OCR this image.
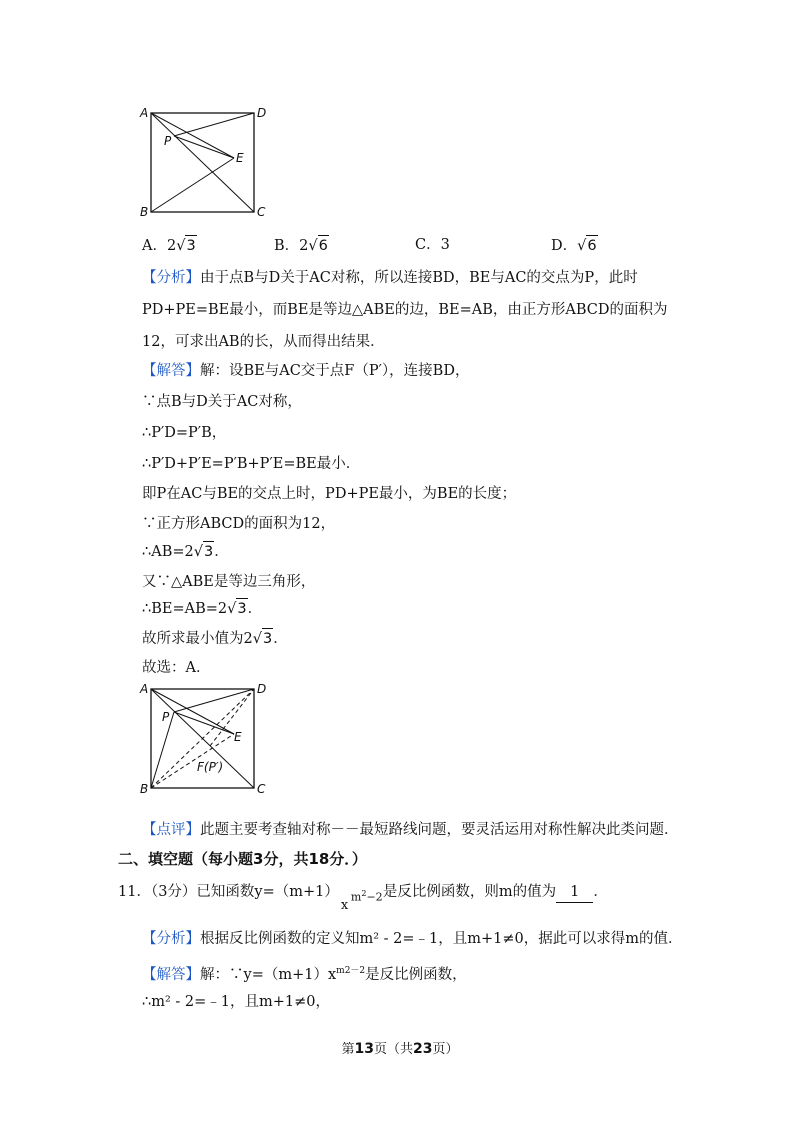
A	D
P
E
B	C
A．2√3	B．2√6	C．3	D．√6
【分析】由于点B与D关于AC对称，所以连接BD，BE与AC的交点为P，此时PD+PE=BE最小，而BE是等边△ABE的边，BE=AB，由正方形ABCD的面积为12，可求出AB的长，从而得出结果．
【解答】解：设BE与AC交于点F（P′），连接BD，
∵点B与D关于AC对称，
∴P′D=P′B，
∴P′D+P′E=P′B+P′E=BE最小．
即P在AC与BE的交点上时，PD+PE最小，为BE的长度；
∵正方形ABCD的面积为12，
∴AB=2√3．
又∵△ABE是等边三角形，
∴BE=AB=2√3．
故所求最小值为2√3．
故选：A．
A	D
P
E
F(P′)
B	C
【点评】此题主要考查轴对称－－最短路线问题，要灵活运用对称性解决此类问题．
二、填空题（每小题3分，共18分．）
11．（3分）已知函数y=（m+1）
x
$m^2-2$ 是反比例函数，则m的值为 1 ．
【分析】根据反比例函数的定义知m² - 2=﹣1，且m+1≠0，据此可以求得m的值．
【解答】解：$\because y=(m+1)x^{m2-2}$是反比例函数，
∴m² - 2=﹣1，且m+1≠0，
第13页（共23页）
